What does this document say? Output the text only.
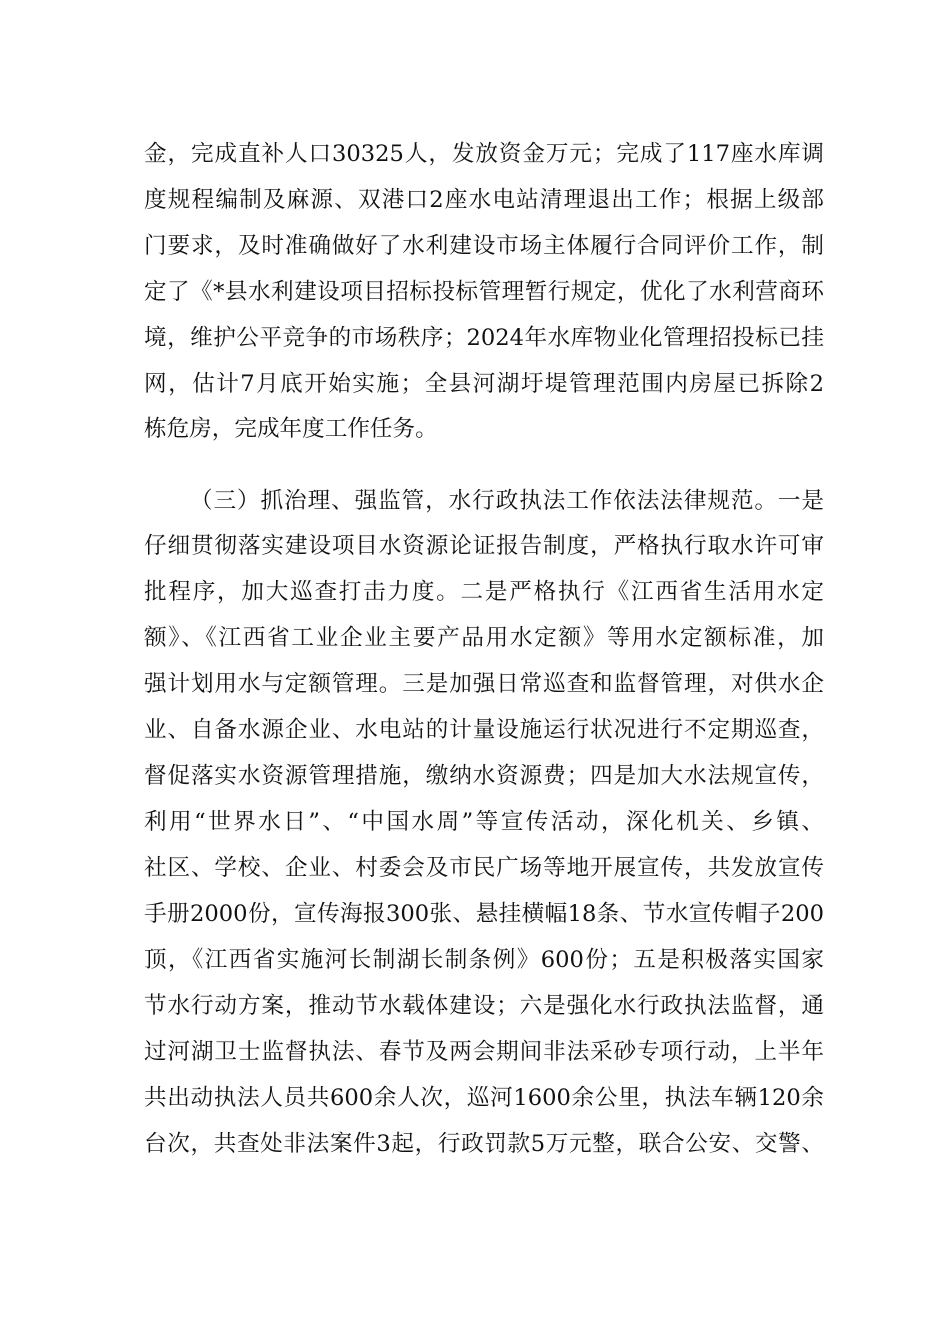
金，完成直补人口30325人，发放资金万元；完成了117座水库调
度规程编制及麻源、双港口2座水电站清理退出工作；根据上级部
门要求，及时准确做好了水利建设市场主体履行合同评价工作，制
定了《*县水利建设项目招标投标管理暂行规定，优化了水利营商环
境，维护公平竞争的市场秩序；2024年水库物业化管理招投标已挂
网，估计7月底开始实施；全县河湖圩堤管理范围内房屋已拆除2
栋危房，完成年度工作任务。
（三）抓治理、强监管，水行政执法工作依法法律规范。一是
仔细贯彻落实建设项目水资源论证报告制度，严格执行取水许可审
批程序，加大巡查打击力度。二是严格执行《江西省生活用水定
额》、《江西省工业企业主要产品用水定额》等用水定额标准，加
强计划用水与定额管理。三是加强日常巡查和监督管理，对供水企
业、自备水源企业、水电站的计量设施运行状况进行不定期巡查，
督促落实水资源管理措施，缴纳水资源费；四是加大水法规宣传，
利用“世界水日”、“中国水周”等宣传活动，深化机关、乡镇、
社区、学校、企业、村委会及市民广场等地开展宣传，共发放宣传
手册2000份，宣传海报300张、悬挂横幅18条、节水宣传帽子200
顶，《江西省实施河长制湖长制条例》600份；五是积极落实国家
节水行动方案，推动节水载体建设；六是强化水行政执法监督，通
过河湖卫士监督执法、春节及两会期间非法采砂专项行动，上半年
共出动执法人员共600余人次，巡河1600余公里，执法车辆120余
台次，共查处非法案件3起，行政罚款5万元整，联合公安、交警、
